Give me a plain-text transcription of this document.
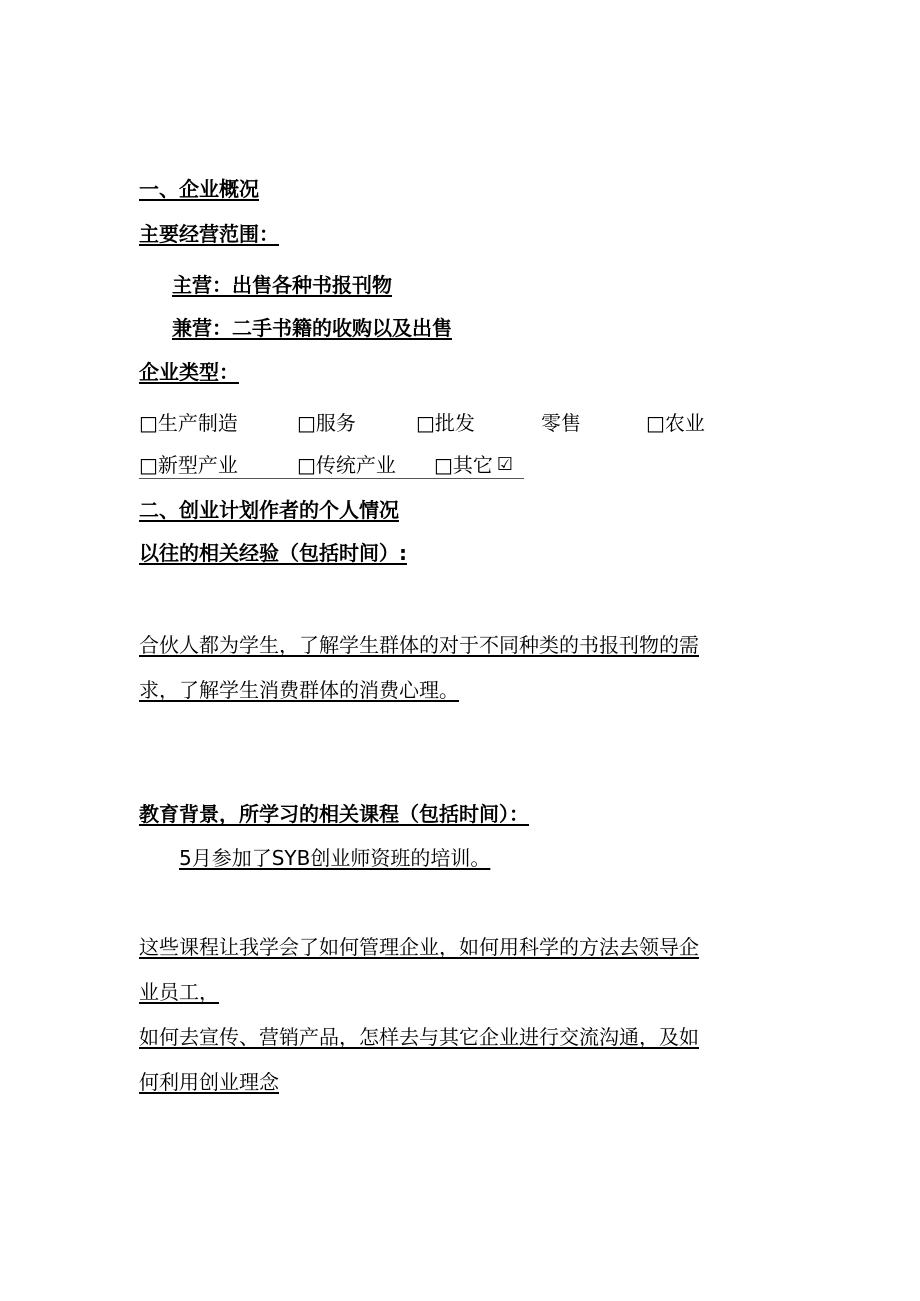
一、企业概况
主要经营范围：
主营：出售各种书报刊物
兼营：二手书籍的收购以及出售
企业类型：
□生产制造	□服务	□批发	零售	□农业
□新型产业	□传统产业 □其它 ☑
二、创业计划作者的个人情况
以往的相关经验（包括时间）:
合伙人都为学生，了解学生群体的对于不同种类的书报刊物的需
求，了解学生消费群体的消费心理。
教育背景，所学习的相关课程（包括时间）：
5月参加了SYB创业师资班的培训。
这些课程让我学会了如何管理企业，如何用科学的方法去领导企
业员工，
如何去宣传、营销产品，怎样去与其它企业进行交流沟通，及如
何利用创业理念
